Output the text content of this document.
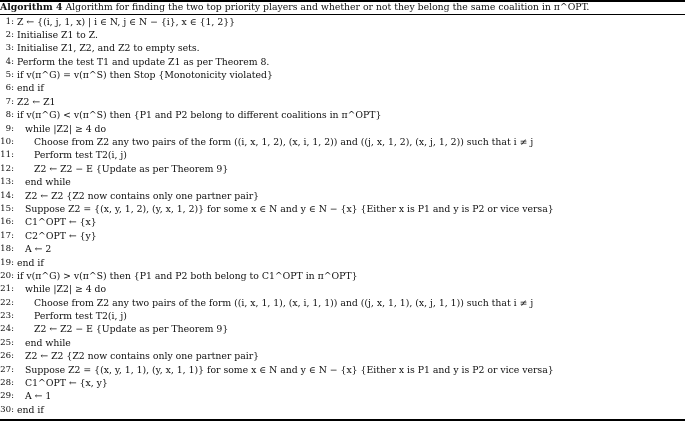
Algorithm 4 Algorithm for finding the two top priority players and whether or not they belong the same coalition in π^OPT.
1: Z ← {(i, j, 1, x) | i ∈ N, j ∈ N − {i}, x ∈ {1, 2}}
2: Initialise Z1 to Z.
3: Initialise Z1, Z2, and Z2 to empty sets.
4: Perform the test T1 and update Z1 as per Theorem 8.
5: if v(π^G) = v(π^S) then Stop {Monotonicity violated}
6: end if
7: Z2 ← Z1
8: if v(π^G) < v(π^S) then {P1 and P2 belong to different coalitions in π^OPT}
9: while |Z2| ≥ 4 do
10: Choose from Z2 any two pairs of the form ((i, x, 1, 2), (x, i, 1, 2)) and ((j, x, 1, 2), (x, j, 1, 2)) such that i ≠ j
11: Perform test T2(i, j)
12: Z2 ← Z2 − E {Update as per Theorem 9}
13: end while
14: Z2 ← Z2 {Z2 now contains only one partner pair}
15: Suppose Z2 = {(x, y, 1, 2), (y, x, 1, 2)} for some x ∈ N and y ∈ N − {x} {Either x is P1 and y is P2 or vice versa}
16: C1^OPT ← {x}
17: C2^OPT ← {y}
18: A ← 2
19: end if
20: if v(π^G) > v(π^S) then {P1 and P2 both belong to C1^OPT in π^OPT}
21: while |Z2| ≥ 4 do
22: Choose from Z2 any two pairs of the form ((i, x, 1, 1), (x, i, 1, 1)) and ((j, x, 1, 1), (x, j, 1, 1)) such that i ≠ j
23: Perform test T2(i, j)
24: Z2 ← Z2 − E {Update as per Theorem 9}
25: end while
26: Z2 ← Z2 {Z2 now contains only one partner pair}
27: Suppose Z2 = {(x, y, 1, 1), (y, x, 1, 1)} for some x ∈ N and y ∈ N − {x} {Either x is P1 and y is P2 or vice versa}
28: C1^OPT ← {x, y}
29: A ← 1
30: end if
